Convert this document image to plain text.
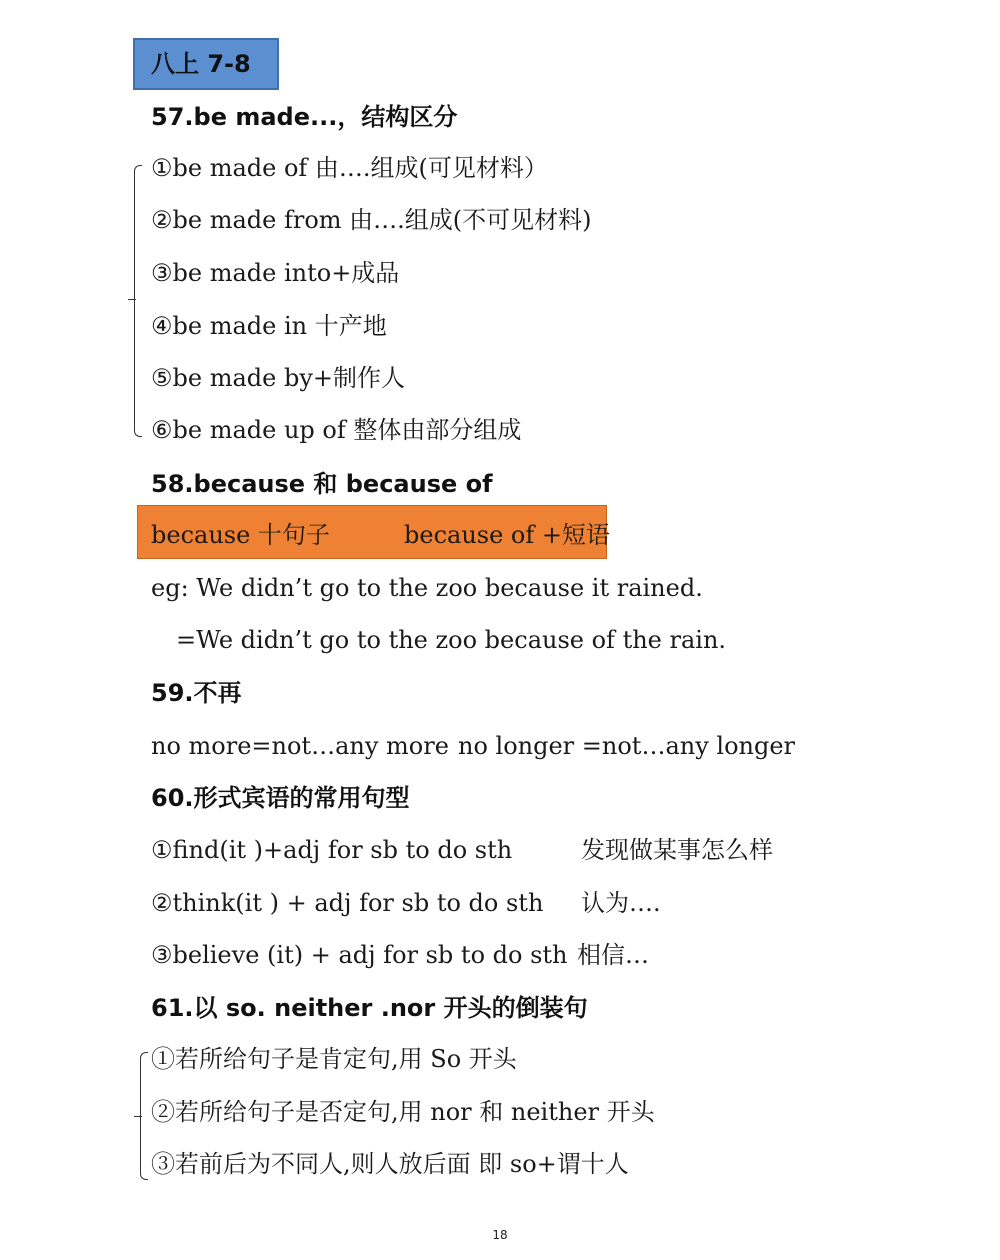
八上 7-8
57.be made...，结构区分
①be made of 由….组成(可见材料）
②be made from 由….组成(不可见材料)
③be made into+成品
④be made in 十产地
⑤be made by+制作人
⑥be made up of 整体由部分组成
58.because 和 because of
because 十句子	because of +短语
eg: We didn’t go to the zoo because it rained.
=We didn’t go to the zoo because of the rain.
59.不再
no more=not…any more no longer =not…any longer
60.形式宾语的常用句型
①find(it )+adj for sb to do sth	发现做某事怎么样
②think(it ) + adj for sb to do sth 认为….
③believe (it) + adj for sb to do sth 相信…
61.以 so. neither .nor 开头的倒装句
①若所给句子是肯定句,用 So 开头
②若所给句子是否定句,用 nor 和 neither 开头
③若前后为不同人,则人放后面 即 so+谓十人
18
